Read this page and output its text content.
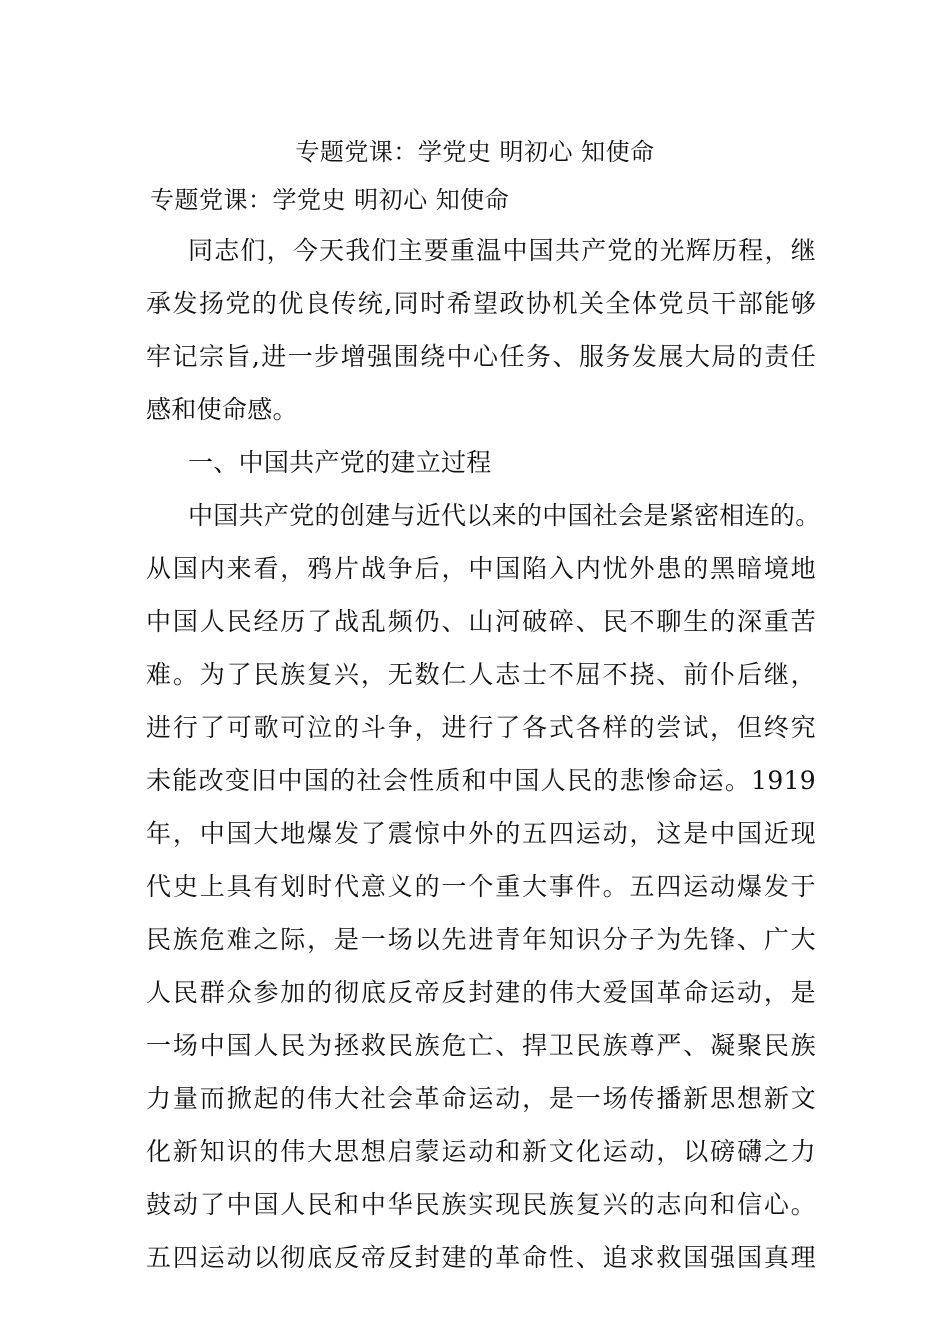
专题党课：学党史 明初心 知使命

专题党课：学党史 明初心 知使命

同志们，今天我们主要重温中国共产党的光辉历程，继

承发扬党的优良传统,同时希望政协机关全体党员干部能够

牢记宗旨,进一步增强围绕中心任务、服务发展大局的责任

感和使命感。

一、中国共产党的建立过程

中国共产党的创建与近代以来的中国社会是紧密相连的。

从国内来看，鸦片战争后，中国陷入内忧外患的黑暗境地

中国人民经历了战乱频仍、山河破碎、民不聊生的深重苦

难。为了民族复兴，无数仁人志士不屈不挠、前仆后继，

进行了可歌可泣的斗争，进行了各式各样的尝试，但终究

未能改变旧中国的社会性质和中国人民的悲惨命运。1919

年，中国大地爆发了震惊中外的五四运动，这是中国近现

代史上具有划时代意义的一个重大事件。五四运动爆发于

民族危难之际，是一场以先进青年知识分子为先锋、广大

人民群众参加的彻底反帝反封建的伟大爱国革命运动，是

一场中国人民为拯救民族危亡、捍卫民族尊严、凝聚民族

力量而掀起的伟大社会革命运动，是一场传播新思想新文

化新知识的伟大思想启蒙运动和新文化运动，以磅礴之力

鼓动了中国人民和中华民族实现民族复兴的志向和信心。

五四运动以彻底反帝反封建的革命性、追求救国强国真理
